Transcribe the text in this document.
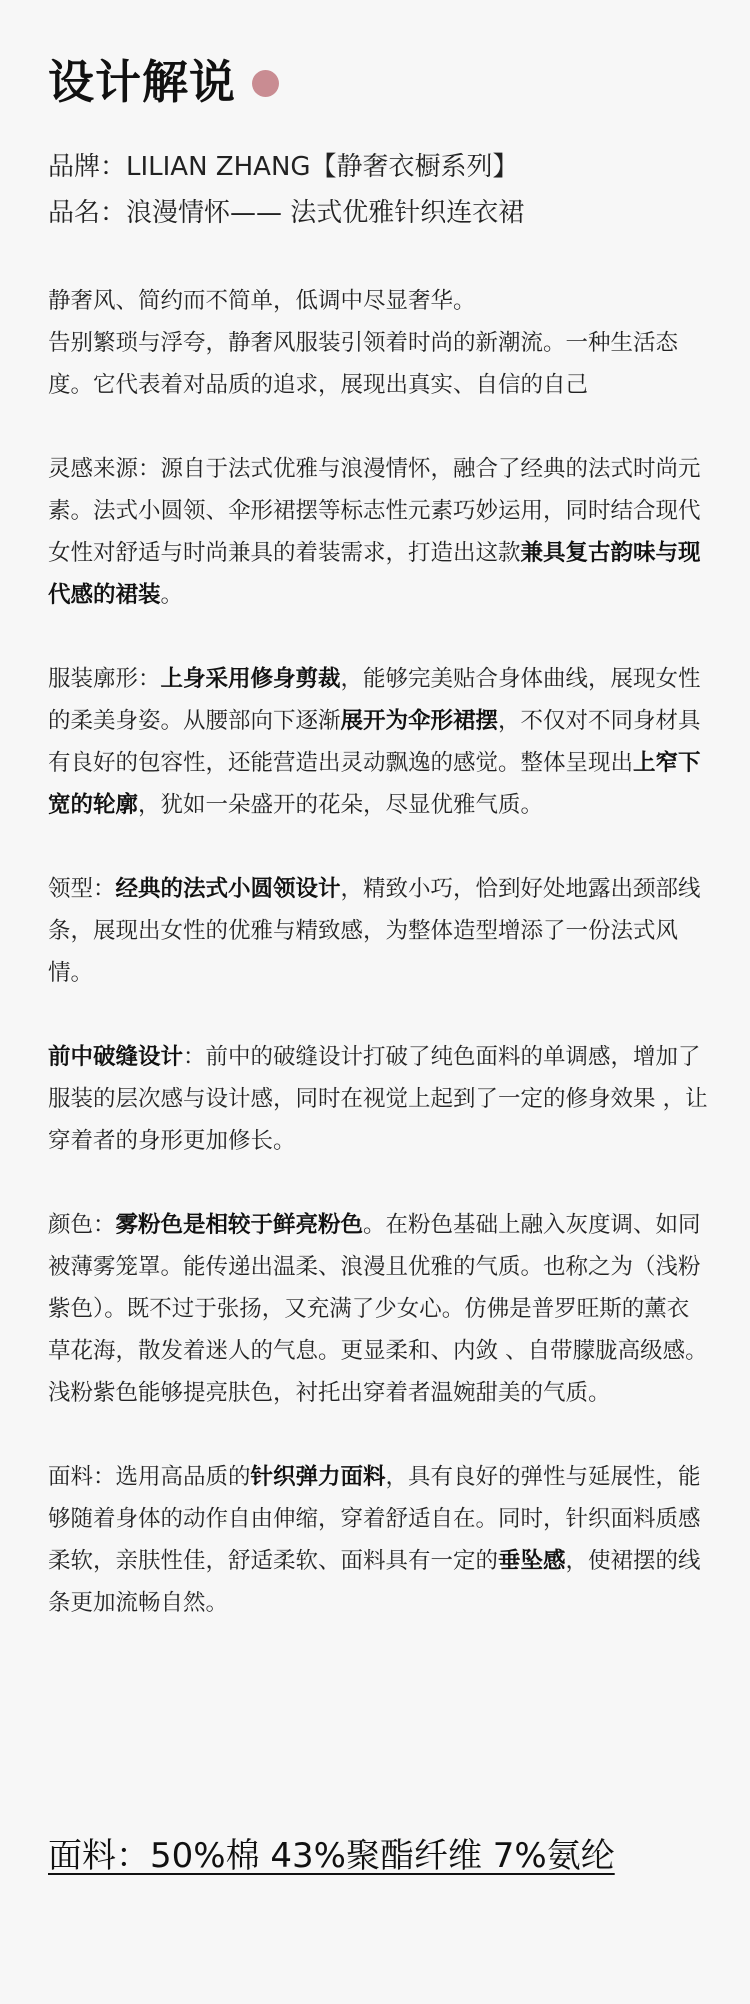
设计解说
品牌：LILIAN ZHANG【静奢衣橱系列】
品名：浪漫情怀—— 法式优雅针织连衣裙

静奢风、简约而不简单，低调中尽显奢华。
告别繁琐与浮夸，静奢风服装引领着时尚的新潮流。一种生活态度。它代表着对品质的追求，展现出真实、自信的自己

灵感来源：源自于法式优雅与浪漫情怀，融合了经典的法式时尚元素。法式小圆领、伞形裙摆等标志性元素巧妙运用，同时结合现代女性对舒适与时尚兼具的着装需求，打造出这款兼具复古韵味与现代感的裙装。

服装廓形：上身采用修身剪裁，能够完美贴合身体曲线，展现女性的柔美身姿。从腰部向下逐渐展开为伞形裙摆，不仅对不同身材具有良好的包容性，还能营造出灵动飘逸的感觉。整体呈现出上窄下宽的轮廓，犹如一朵盛开的花朵，尽显优雅气质。

领型：经典的法式小圆领设计，精致小巧，恰到好处地露出颈部线条，展现出女性的优雅与精致感，为整体造型增添了一份法式风情。

前中破缝设计：前中的破缝设计打破了纯色面料的单调感，增加了服装的层次感与设计感，同时在视觉上起到了一定的修身效果 ，让穿着者的身形更加修长。

颜色：雾粉色是相较于鲜亮粉色。在粉色基础上融入灰度调、如同被薄雾笼罩。能传递出温柔、浪漫且优雅的气质。也称之为（浅粉紫色）。既不过于张扬，又充满了少女心。仿佛是普罗旺斯的薰衣草花海，散发着迷人的气息。更显柔和、内敛 、自带朦胧高级感。浅粉紫色能够提亮肤色，衬托出穿着者温婉甜美的气质。

面料：选用高品质的针织弹力面料，具有良好的弹性与延展性，能够随着身体的动作自由伸缩，穿着舒适自在。同时，针织面料质感柔软，亲肤性佳，舒适柔软、面料具有一定的垂坠感，使裙摆的线条更加流畅自然。

面料：50%棉 43%聚酯纤维 7%氨纶
